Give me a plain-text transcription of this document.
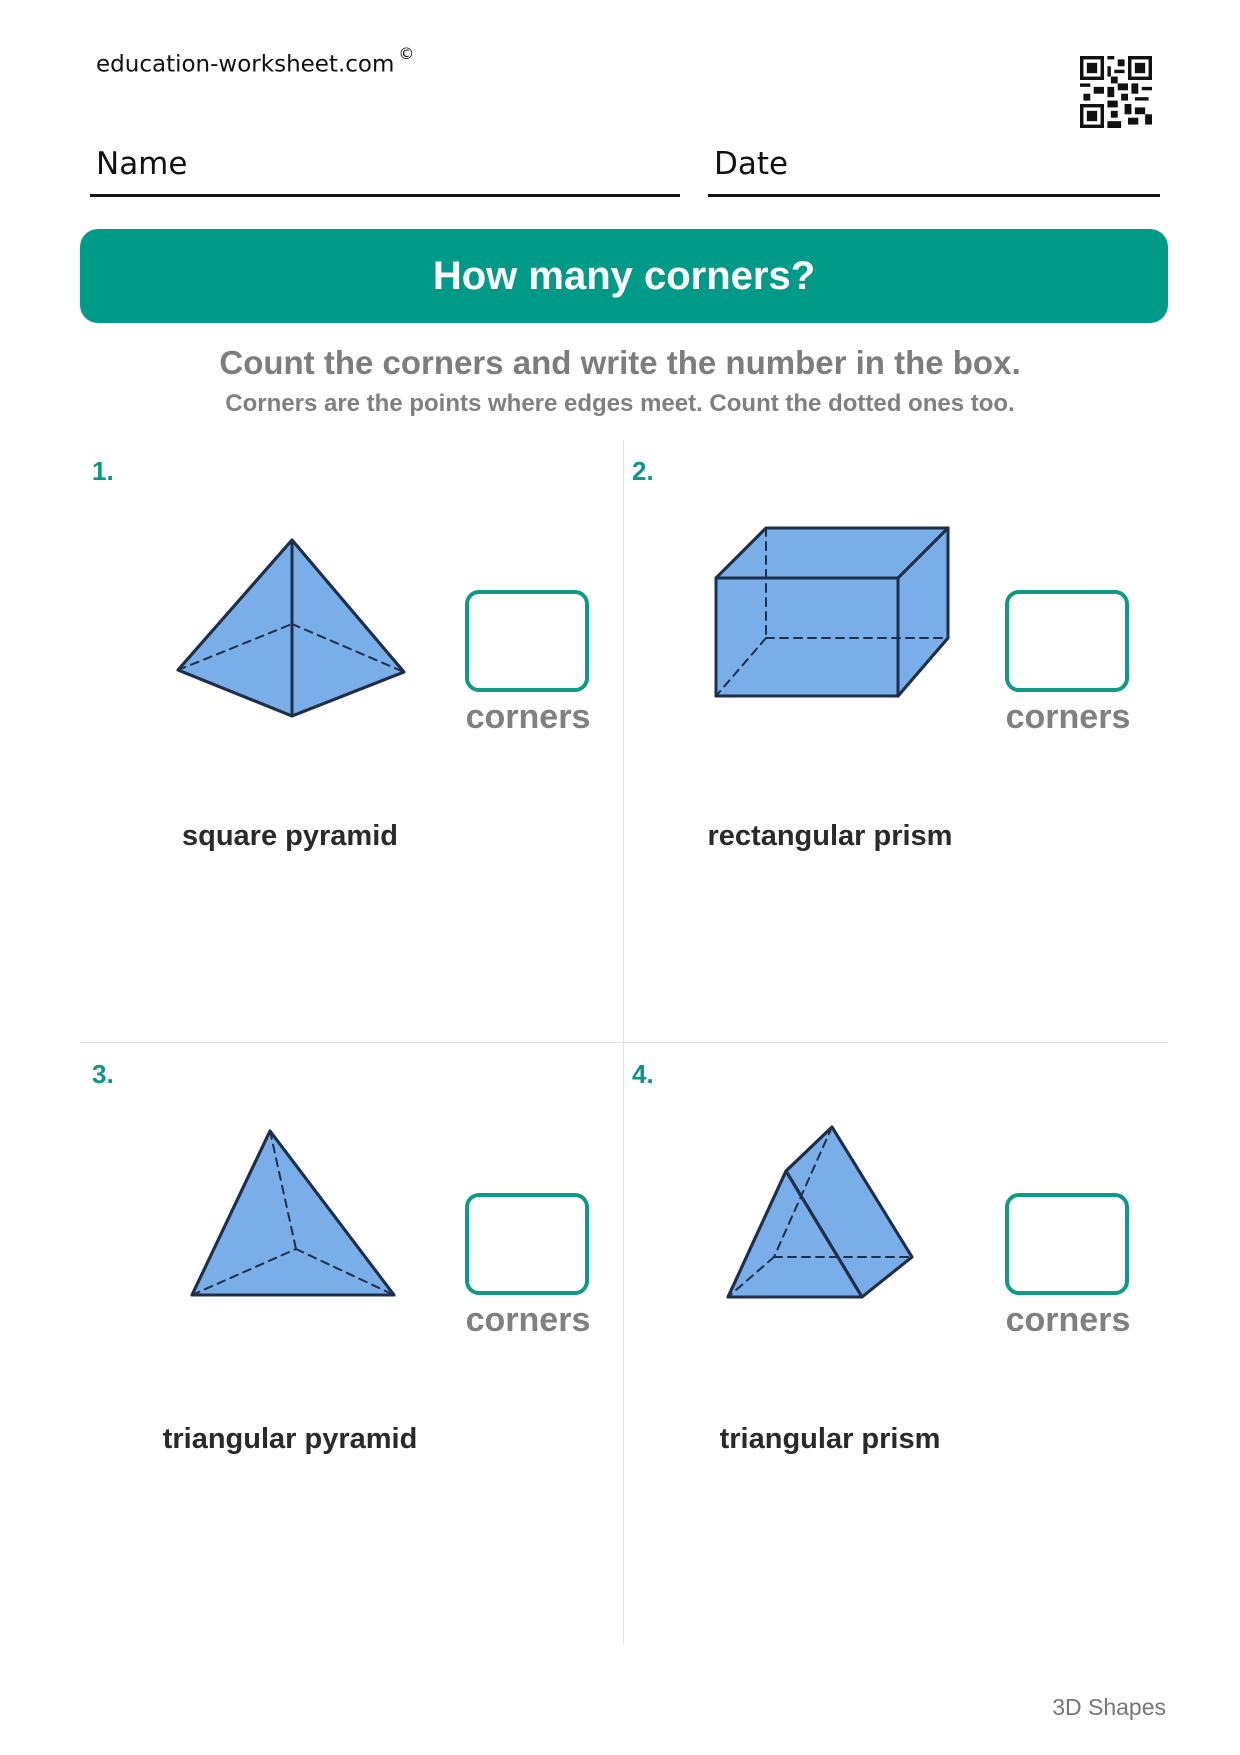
education-worksheet.com ©
Name	Date
How many corners?
Count the corners and write the number in the box.
Corners are the points where edges meet. Count the dotted ones too.
1.
corners
square pyramid
2.
corners
rectangular prism
3.
corners
triangular pyramid
4.
corners
triangular prism
3D Shapes
